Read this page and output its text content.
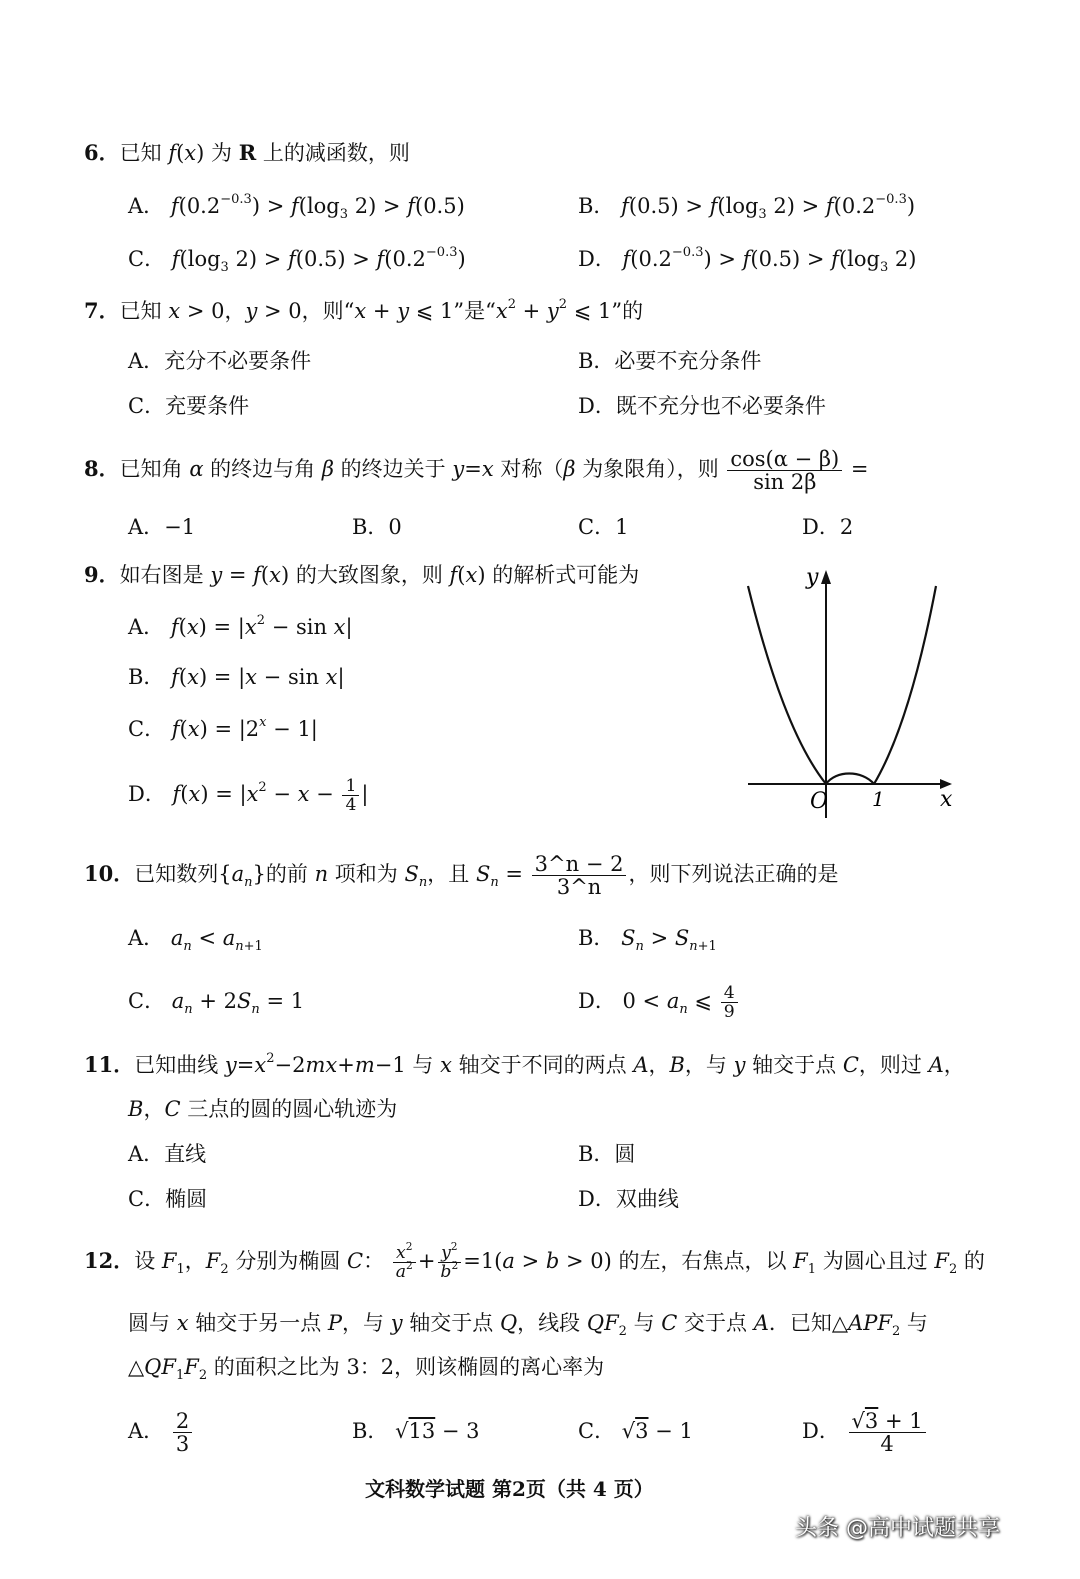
6．已知 f(x) 为 R 上的减函数，则
A． $f(0.2^{-0.3}) > f(\log_3$ 2) > f(0.5)	B． $f(0.5) > f(\log_3$ $2) > f(0.2^{-0.3})$
C． $f(\log_3$ $2) > f(0.5) > f(0.2^{-0.3})$	D． $f(0.2^{-0.3}) > f(0.5) > f(\log_3$ 2)
7．已知 x > 0，y > 0，则“x + y ⩽ 1”是“$x^2 + y^2$ ⩽ 1”的
A．充分不必要条件	B．必要不充分条件
C．充要条件	D．既不充分也不必要条件
8．已知角 α 的终边与角 β 的终边关于 y=x 对称（β 为象限角），则 $\frac{\cos(\alpha - \beta)}{\sin 2\beta}$ =
A．−1	B．0	C．1	D．2
9．如右图是 y = f(x) 的大致图象，则 f(x) 的解析式可能为
A． $f(x) = |x^2 - \sin x|$
B． f(x) = |x − sin x|
C． $f(x) = |2^x - 1|$
D． $f(x) = |x^2 - x - \frac{1}{4}$ |
y
x
O 1
10．已知数列$\{a_n\}$的前 n 项和为 $S_n$，且 $S_n = \frac{3\^{}n - 2}{3\^{}n}$ ，则下列说法正确的是
A． $a_n < a_{n+1}$	B． $S_n > S_{n+1}$
C． $a_n + 2S_n = 1$	D． $0 < a_n$ ⩽ $\frac{4}{9}$
11．已知曲线 $y=x^2-2mx+m-1$ 与 x 轴交于不同的两点 A，B，与 y 轴交于点 C，则过 A，
B，C 三点的圆的圆心轨迹为
A．直线	B．圆
C．椭圆	D．双曲线
12．设 $F_1$，$F_2$ 分别为椭圆 C： $\frac{x^2}{a^2} + \frac{y^2}{b^2} =1(a > b > 0)$ 的左，右焦点，以 $F_1$ 为圆心且过 $F_2$ 的
圆与 x 轴交于另一点 P，与 y 轴交于点 Q，线段 $QF_2$ 与 C 交于点 A．已知$\triangle APF_2$ 与
$\triangle QF_1F_2$ 的面积之比为 3：2，则该椭圆的离心率为
A． $\frac{2}{3}$	B． √13 − 3	C． √3 − 1	D． $\frac{√3 + 1}{4}$
文科数学试题 第2页（共 4 页）
头条 @高中试题共享
